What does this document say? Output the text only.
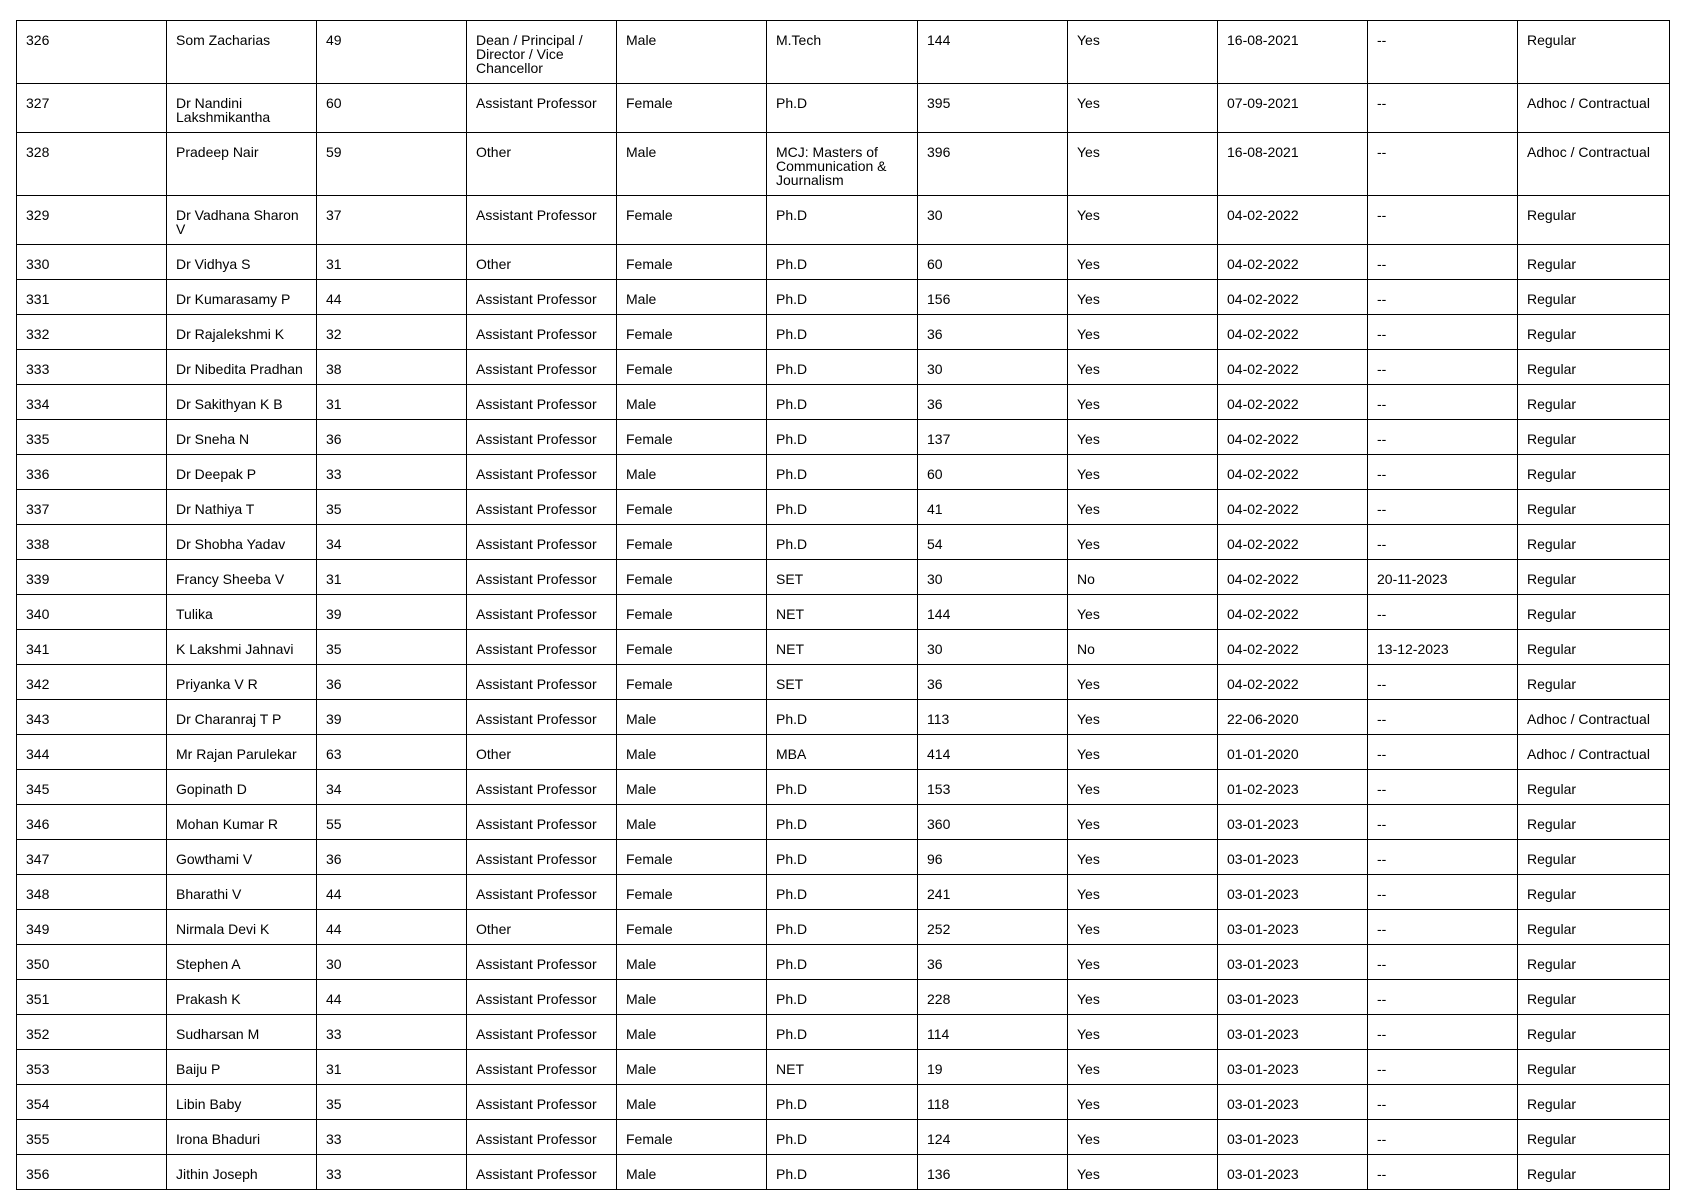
326	Som Zacharias	49	Dean / Principal / Director / Vice Chancellor	Male	M.Tech	144	Yes	16-08-2021	--	Regular
327	Dr Nandini Lakshmikantha	60	Assistant Professor	Female	Ph.D	395	Yes	07-09-2021	--	Adhoc / Contractual
328	Pradeep Nair	59	Other	Male	MCJ: Masters of Communication & Journalism	396	Yes	16-08-2021	--	Adhoc / Contractual
329	Dr Vadhana Sharon V	37	Assistant Professor	Female	Ph.D	30	Yes	04-02-2022	--	Regular
330	Dr Vidhya S	31	Other	Female	Ph.D	60	Yes	04-02-2022	--	Regular
331	Dr Kumarasamy P	44	Assistant Professor	Male	Ph.D	156	Yes	04-02-2022	--	Regular
332	Dr Rajalekshmi K	32	Assistant Professor	Female	Ph.D	36	Yes	04-02-2022	--	Regular
333	Dr Nibedita Pradhan	38	Assistant Professor	Female	Ph.D	30	Yes	04-02-2022	--	Regular
334	Dr Sakithyan K B	31	Assistant Professor	Male	Ph.D	36	Yes	04-02-2022	--	Regular
335	Dr Sneha N	36	Assistant Professor	Female	Ph.D	137	Yes	04-02-2022	--	Regular
336	Dr Deepak P	33	Assistant Professor	Male	Ph.D	60	Yes	04-02-2022	--	Regular
337	Dr Nathiya T	35	Assistant Professor	Female	Ph.D	41	Yes	04-02-2022	--	Regular
338	Dr Shobha Yadav	34	Assistant Professor	Female	Ph.D	54	Yes	04-02-2022	--	Regular
339	Francy Sheeba V	31	Assistant Professor	Female	SET	30	No	04-02-2022	20-11-2023	Regular
340	Tulika	39	Assistant Professor	Female	NET	144	Yes	04-02-2022	--	Regular
341	K Lakshmi Jahnavi	35	Assistant Professor	Female	NET	30	No	04-02-2022	13-12-2023	Regular
342	Priyanka V R	36	Assistant Professor	Female	SET	36	Yes	04-02-2022	--	Regular
343	Dr Charanraj T P	39	Assistant Professor	Male	Ph.D	113	Yes	22-06-2020	--	Adhoc / Contractual
344	Mr Rajan Parulekar	63	Other	Male	MBA	414	Yes	01-01-2020	--	Adhoc / Contractual
345	Gopinath D	34	Assistant Professor	Male	Ph.D	153	Yes	01-02-2023	--	Regular
346	Mohan Kumar R	55	Assistant Professor	Male	Ph.D	360	Yes	03-01-2023	--	Regular
347	Gowthami V	36	Assistant Professor	Female	Ph.D	96	Yes	03-01-2023	--	Regular
348	Bharathi V	44	Assistant Professor	Female	Ph.D	241	Yes	03-01-2023	--	Regular
349	Nirmala Devi K	44	Other	Female	Ph.D	252	Yes	03-01-2023	--	Regular
350	Stephen A	30	Assistant Professor	Male	Ph.D	36	Yes	03-01-2023	--	Regular
351	Prakash K	44	Assistant Professor	Male	Ph.D	228	Yes	03-01-2023	--	Regular
352	Sudharsan M	33	Assistant Professor	Male	Ph.D	114	Yes	03-01-2023	--	Regular
353	Baiju P	31	Assistant Professor	Male	NET	19	Yes	03-01-2023	--	Regular
354	Libin Baby	35	Assistant Professor	Male	Ph.D	118	Yes	03-01-2023	--	Regular
355	Irona Bhaduri	33	Assistant Professor	Female	Ph.D	124	Yes	03-01-2023	--	Regular
356	Jithin Joseph	33	Assistant Professor	Male	Ph.D	136	Yes	03-01-2023	--	Regular
